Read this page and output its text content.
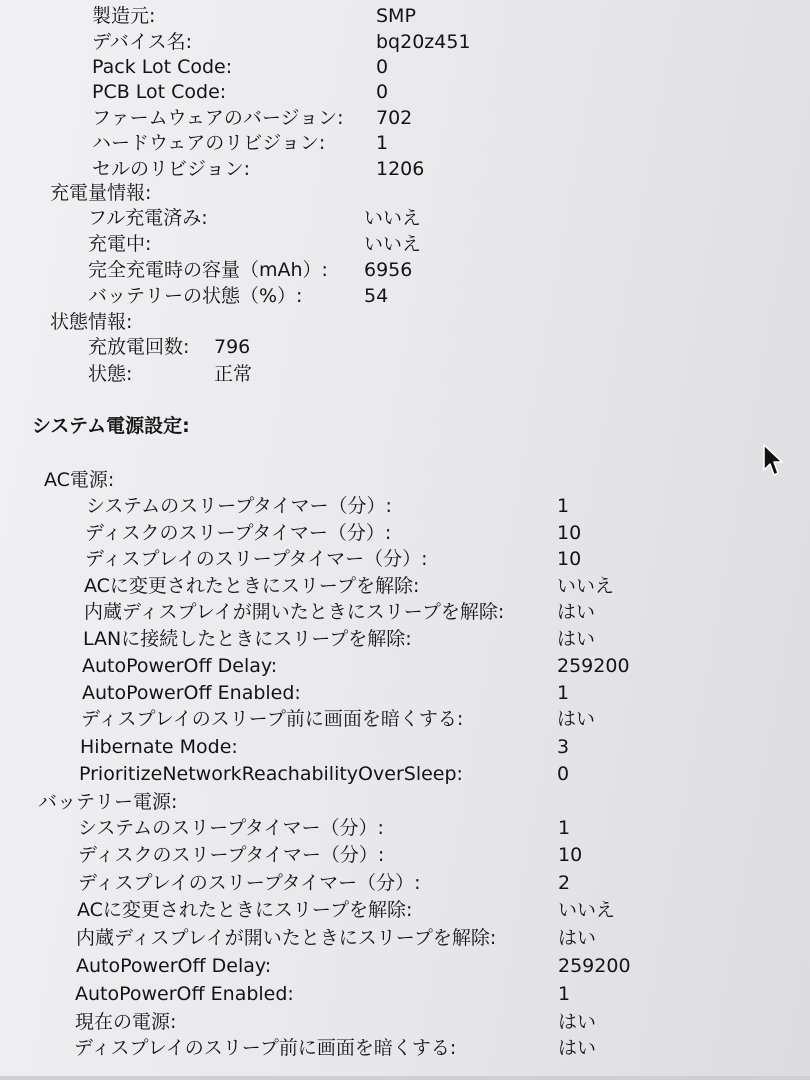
製造元:	SMP
デバイス名:	bq20z451
Pack Lot Code:	0
PCB Lot Code:	0
ファームウェアのバージョン: 702
ハードウェアのリビジョン:	1
セルのリビジョン:	1206
充電量情報:
フル充電済み:	いいえ
充電中:	いいえ
完全充電時の容量（mAh）: 6956
バッテリーの状態（%）:	54
状態情報:
充放電回数: 796
状態:	正常
システム電源設定:
AC電源:
システムのスリープタイマー（分）:	1
ディスクのスリープタイマー（分）:	10
ディスプレイのスリープタイマー（分）:	10
ACに変更されたときにスリープを解除:	いいえ
内蔵ディスプレイが開いたときにスリープを解除:	はい
LANに接続したときにスリープを解除:	はい
AutoPowerOff Delay:	259200
AutoPowerOff Enabled:	1
ディスプレイのスリープ前に画面を暗くする:	はい
Hibernate Mode:	3
PrioritizeNetworkReachabilityOverSleep:	0
バッテリー電源:
システムのスリープタイマー（分）:	1
ディスクのスリープタイマー（分）:	10
ディスプレイのスリープタイマー（分）:	2
ACに変更されたときにスリープを解除:	いいえ
内蔵ディスプレイが開いたときにスリープを解除:	はい
AutoPowerOff Delay:	259200
AutoPowerOff Enabled:	1
現在の電源:	はい
ディスプレイのスリープ前に画面を暗くする:	はい
